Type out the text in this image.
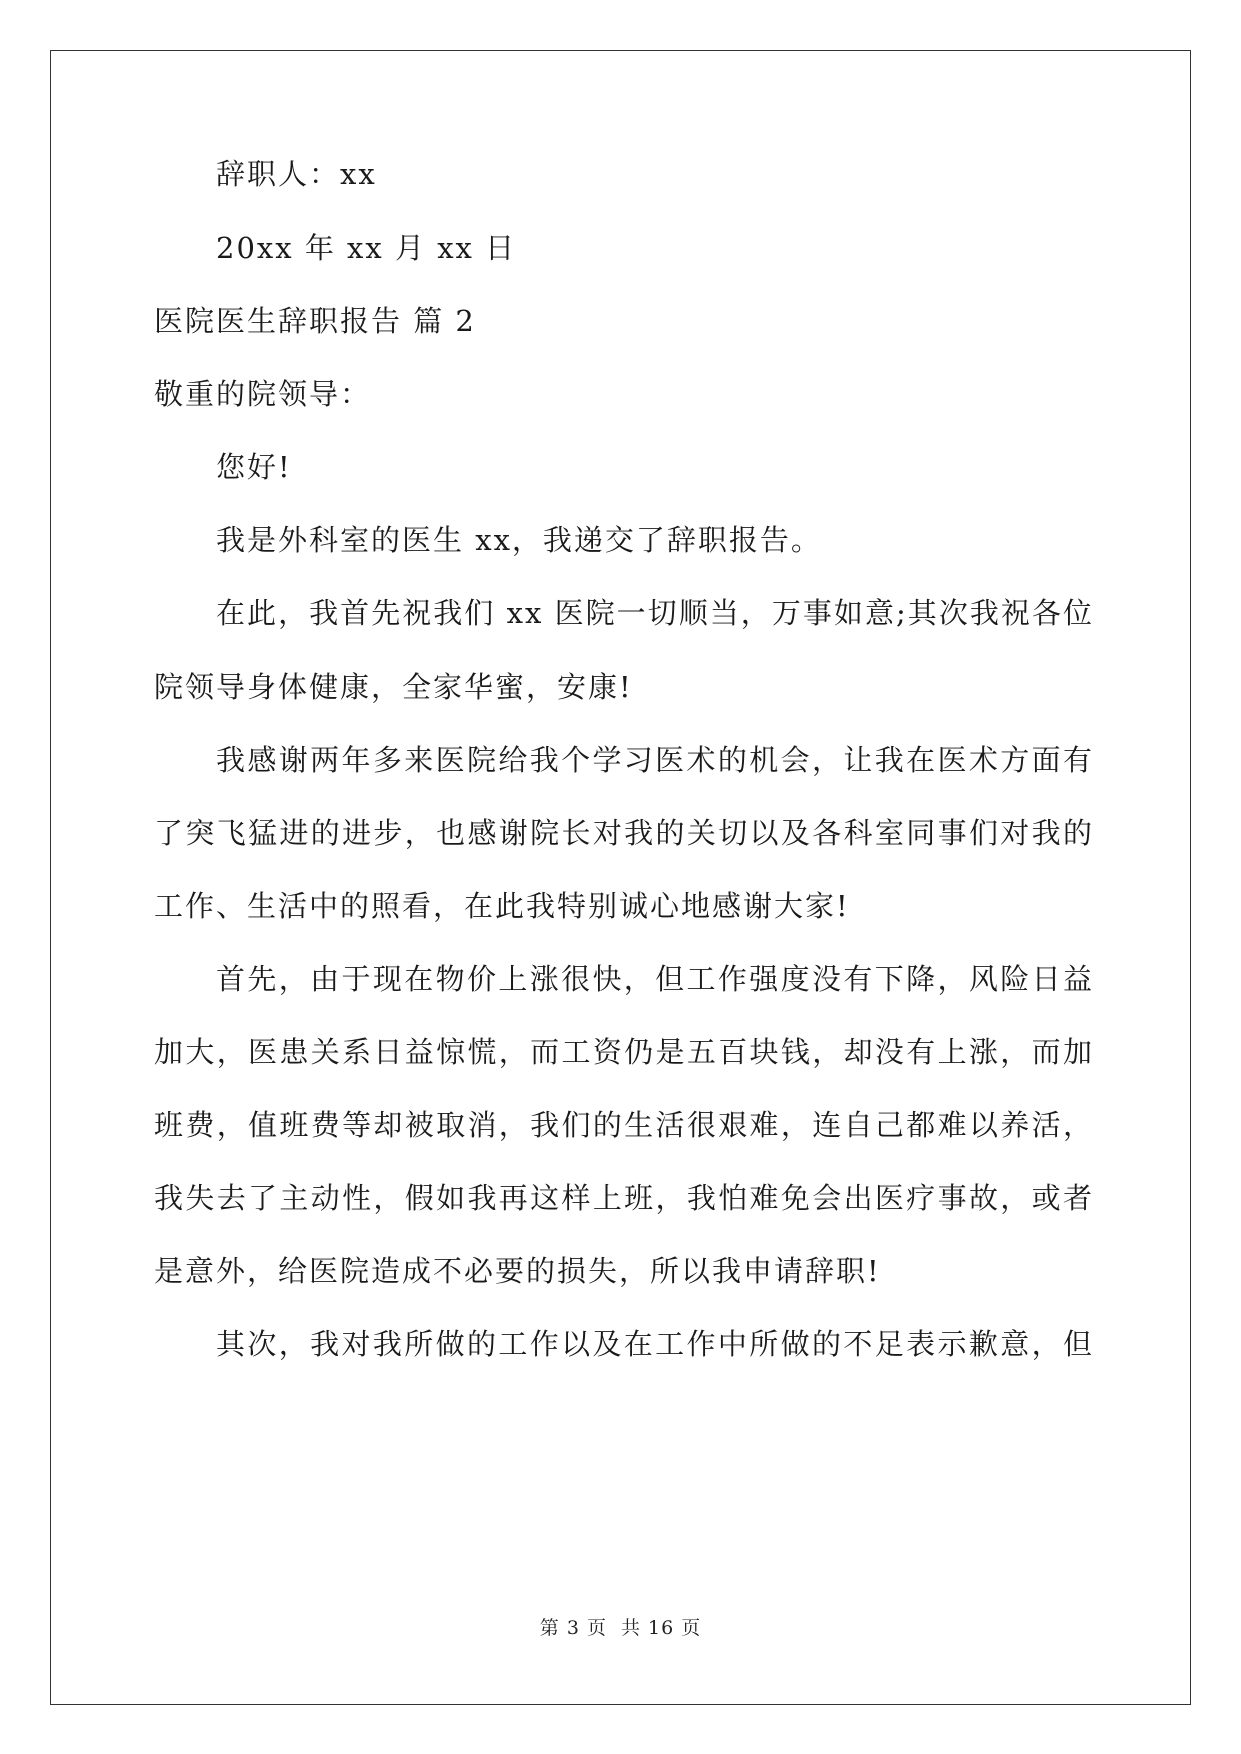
辞职人：xx
20xx 年 xx 月 xx 日
医院医生辞职报告 篇 2
敬重的院领导：
您好!
我是外科室的医生 xx，我递交了辞职报告。
在此，我首先祝我们 xx 医院一切顺当，万事如意;其次我祝各位
院领导身体健康，全家华蜜，安康!
我感谢两年多来医院给我个学习医术的机会，让我在医术方面有
了突飞猛进的进步，也感谢院长对我的关切以及各科室同事们对我的
工作、生活中的照看，在此我特别诚心地感谢大家!
首先，由于现在物价上涨很快，但工作强度没有下降，风险日益
加大，医患关系日益惊慌，而工资仍是五百块钱，却没有上涨，而加
班费，值班费等却被取消，我们的生活很艰难，连自己都难以养活，
我失去了主动性，假如我再这样上班，我怕难免会出医疗事故，或者
是意外，给医院造成不必要的损失，所以我申请辞职!
其次，我对我所做的工作以及在工作中所做的不足表示歉意，但
第 3 页 共 16 页
